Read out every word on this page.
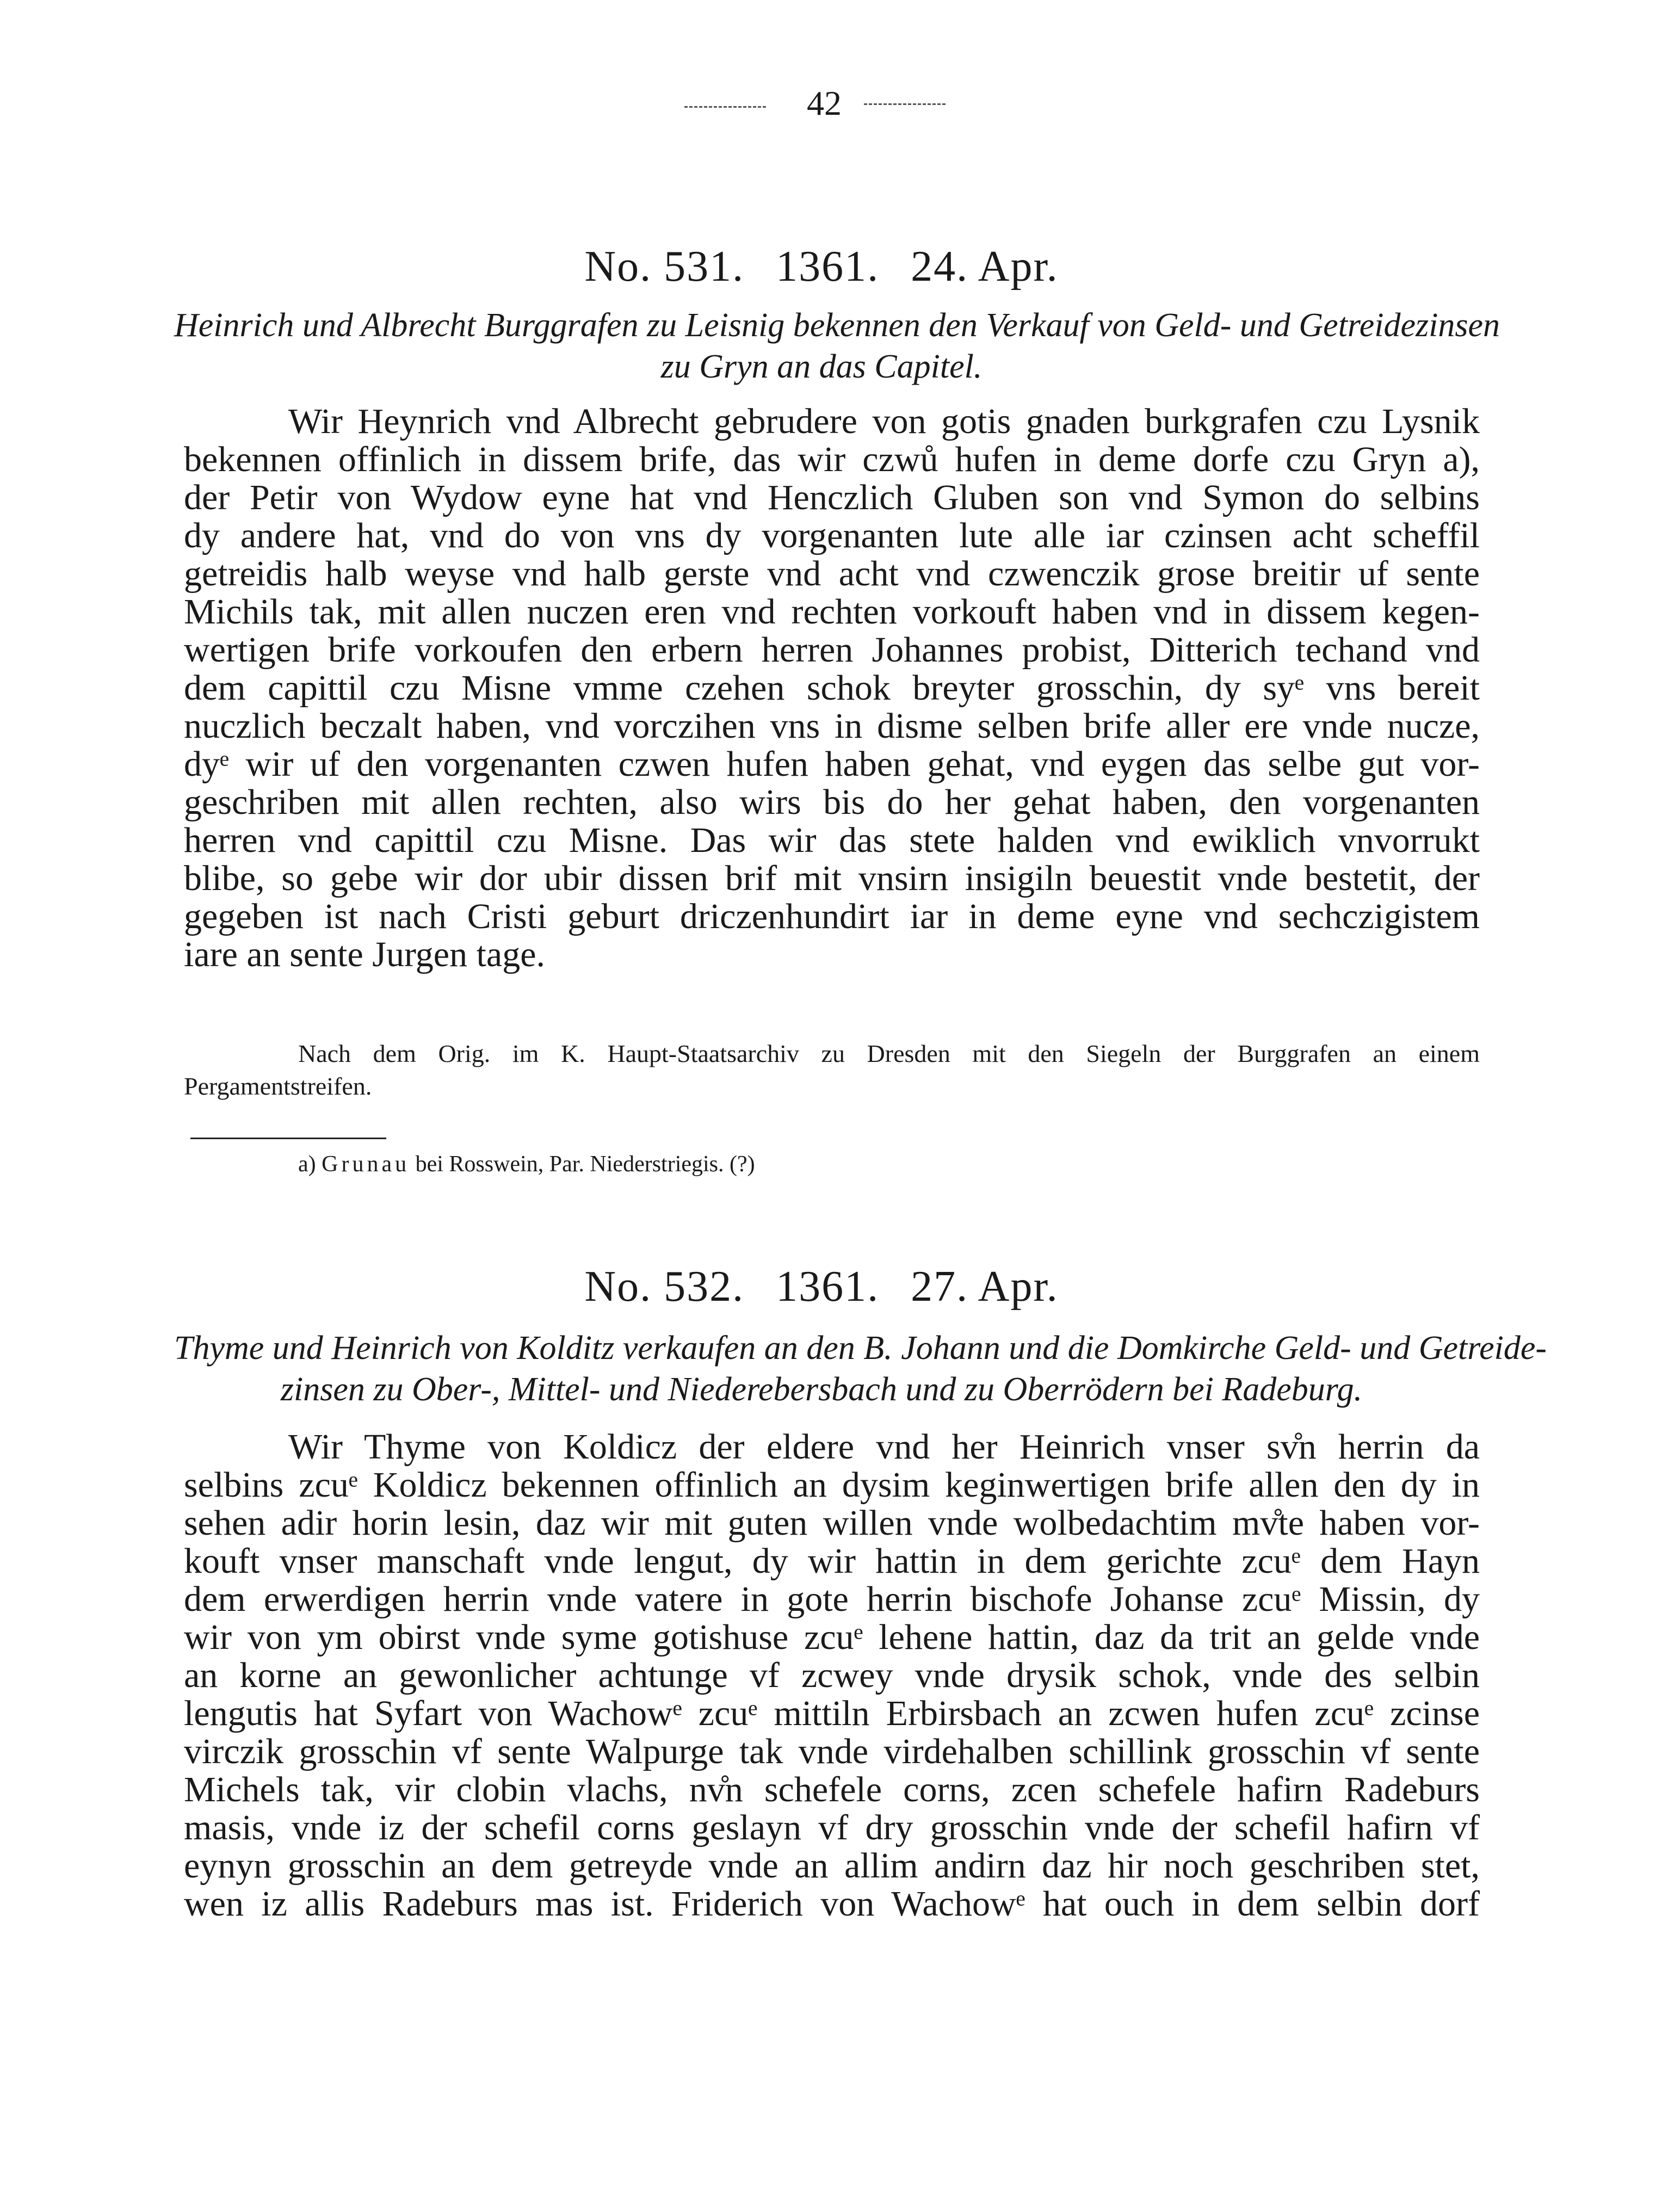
42
No. 531. 1361. 24. Apr.
Heinrich und Albrecht Burggrafen zu Leisnig bekennen den Verkauf von Geld- und Getreidezinsen
zu Gryn an das Capitel.
Wir Heynrich vnd Albrecht gebrudere von gotis gnaden burkgrafen czu Lysnik
bekennen offinlich in dissem brife, das wir czwů hufen in deme dorfe czu Gryn a),
der Petir von Wydow eyne hat vnd Henczlich Gluben son vnd Symon do selbins
dy andere hat, vnd do von vns dy vorgenanten lute alle iar czinsen acht scheffil
getreidis halb weyse vnd halb gerste vnd acht vnd czwenczik grose breitir uf sente
Michils tak, mit allen nuczen eren vnd rechten vorkouft haben vnd in dissem kegen-
wertigen brife vorkoufen den erbern herren Johannes probist, Ditterich techand vnd
dem capittil czu Misne vmme czehen schok breyter grosschin, dy syᵉ vns bereit
nuczlich beczalt haben, vnd vorczihen vns in disme selben brife aller ere vnde nucze,
dyᵉ wir uf den vorgenanten czwen hufen haben gehat, vnd eygen das selbe gut vor-
geschriben mit allen rechten, also wirs bis do her gehat haben, den vorgenanten
herren vnd capittil czu Misne. Das wir das stete halden vnd ewiklich vnvorrukt
blibe, so gebe wir dor ubir dissen brif mit vnsirn insigiln beuestit vnde bestetit, der
gegeben ist nach Cristi geburt driczenhundirt iar in deme eyne vnd sechczigistem
iare an sente Jurgen tage.
Nach dem Orig. im K. Haupt-Staatsarchiv zu Dresden mit den Siegeln der Burggrafen an einem
Pergamentstreifen.
a) Grunau bei Rosswein, Par. Niederstriegis. (?)
No. 532. 1361. 27. Apr.
Thyme und Heinrich von Kolditz verkaufen an den B. Johann und die Domkirche Geld- und Getreide-
zinsen zu Ober-, Mittel- und Niederebersbach und zu Oberrödern bei Radeburg.
Wir Thyme von Koldicz der eldere vnd her Heinrich vnser sv̊n herrin da
selbins zcuᵉ Koldicz bekennen offinlich an dysim keginwertigen brife allen den dy in
sehen adir horin lesin, daz wir mit guten willen vnde wolbedachtim mv̊te haben vor-
kouft vnser manschaft vnde lengut, dy wir hattin in dem gerichte zcuᵉ dem Hayn
dem erwerdigen herrin vnde vatere in gote herrin bischofe Johanse zcuᵉ Missin, dy
wir von ym obirst vnde syme gotishuse zcuᵉ lehene hattin, daz da trit an gelde vnde
an korne an gewonlicher achtunge vf zcwey vnde drysik schok, vnde des selbin
lengutis hat Syfart von Wachowᵉ zcuᵉ mittiln Erbirsbach an zcwen hufen zcuᵉ zcinse
virczik grosschin vf sente Walpurge tak vnde virdehalben schillink grosschin vf sente
Michels tak, vir clobin vlachs, nv̊n schefele corns, zcen schefele hafirn Radeburs
masis, vnde iz der schefil corns geslayn vf dry grosschin vnde der schefil hafirn vf
eynyn grosschin an dem getreyde vnde an allim andirn daz hir noch geschriben stet,
wen iz allis Radeburs mas ist. Friderich von Wachowᵉ hat ouch in dem selbin dorf
